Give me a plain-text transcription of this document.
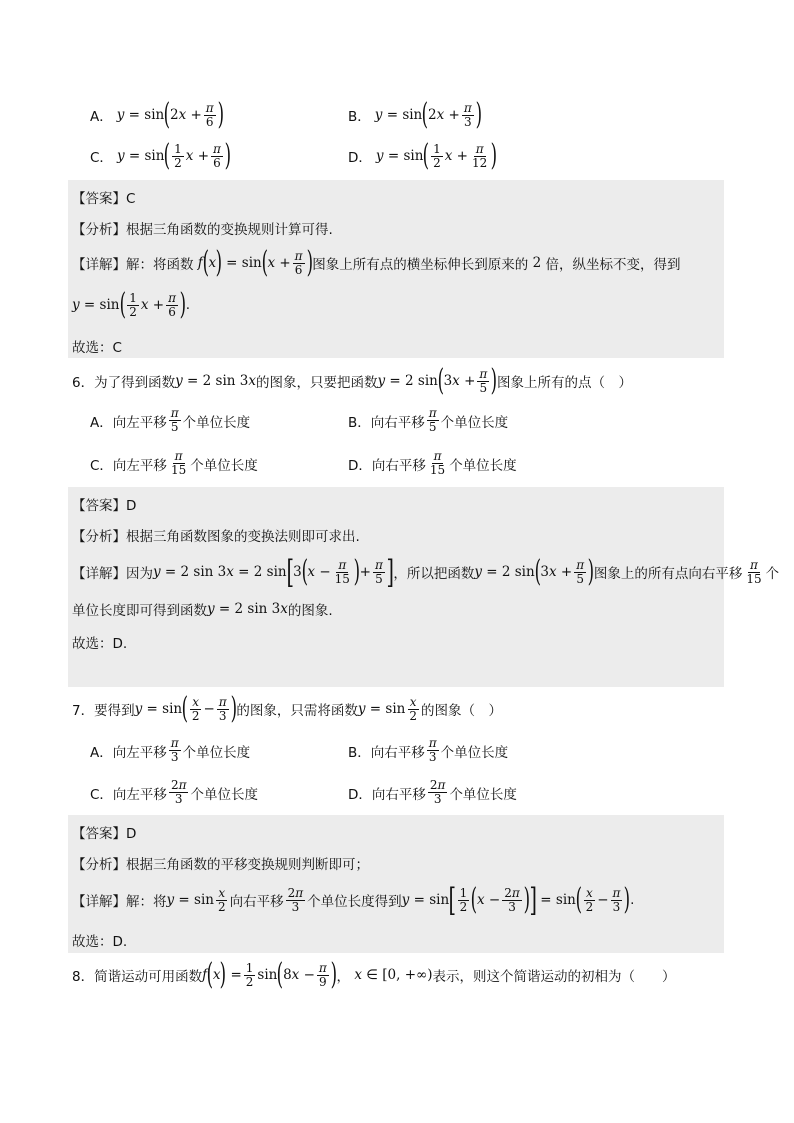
A． y = sin ( 2 $x + \frac{\pi}{6}$ )	B． y = sin ( 2 $x + \frac{\pi}{3}$ )
C． y = sin ( $\frac{1}{2}$ $x + \frac{\pi}{6}$ )	D． y = sin ( $\frac{1}{2}$ $x + \frac{\pi}{12}$ )
【答案】C
【分析】根据三角函数的变换规则计算可得.
【详解】解：将函数 f ( x ) = sin ( $x + \frac{\pi}{6}$ ) 图象上所有点的横坐标伸长到原来的
2
倍，纵坐标不变，得到
y = sin ( $\frac{1}{2}$ $x + \frac{\pi}{6}$ ) .
故选：C
6．为了得到函数 y = 2 sin 3 x 的图象，只要把函数 y = 2 sin ( 3 $x + \frac{\pi}{5}$ ) 图象上所有的点（　）
A．向左平移 $\frac{\pi}{5}$ 个单位长度	B．向右平移 $\frac{\pi}{5}$ 个单位长度
C．向左平移 $\frac{\pi}{15}$ 个单位长度	D．向右平移 $\frac{\pi}{15}$ 个单位长度
【答案】D
【分析】根据三角函数图象的变换法则即可求出.
【详解】因为 y = 2 sin 3 x = 2 sin [ 3 ( $x - \frac{\pi}{15}$ ) + $\frac{\pi}{5}$ ] ，所以把函数 y = 2 sin ( 3 $x + \frac{\pi}{5}$ ) 图象上的所有点向右平移 $\frac{\pi}{15}$ 个
单位长度即可得到函数 y = 2 sin 3 x 的图象.
故选：D.
7．要得到 y = sin ( $\frac{x}{2} - \frac{\pi}{3}$ ) 的图象，只需将函数 $y = \sin \frac{x}{2}$ 的图象（　）
A．向左平移 $\frac{\pi}{3}$ 个单位长度	B．向右平移 $\frac{\pi}{3}$ 个单位长度
C．向左平移 $\frac{2\pi}{3}$ 个单位长度	D．向右平移 $\frac{2\pi}{3}$ 个单位长度
【答案】D
【分析】根据三角函数的平移变换规则判断即可；
【详解】解：将 $y = \sin \frac{x}{2}$ 向右平移 $\frac{2\pi}{3}$ 个单位长度得到 y = sin [ $\frac{1}{2}$ ( $x - \frac{2\pi}{3}$ ) ] = sin ( $\frac{x}{2} - \frac{\pi}{3}$ ) .
故选：D.
8．简谐运动可用函数 f ( x ) = $\frac{1}{2}$ sin ( 8 $x - \frac{\pi}{9}$ ) ，
x ∈ [0, +∞) 表示，则这个简谐运动的初相为（　　）
